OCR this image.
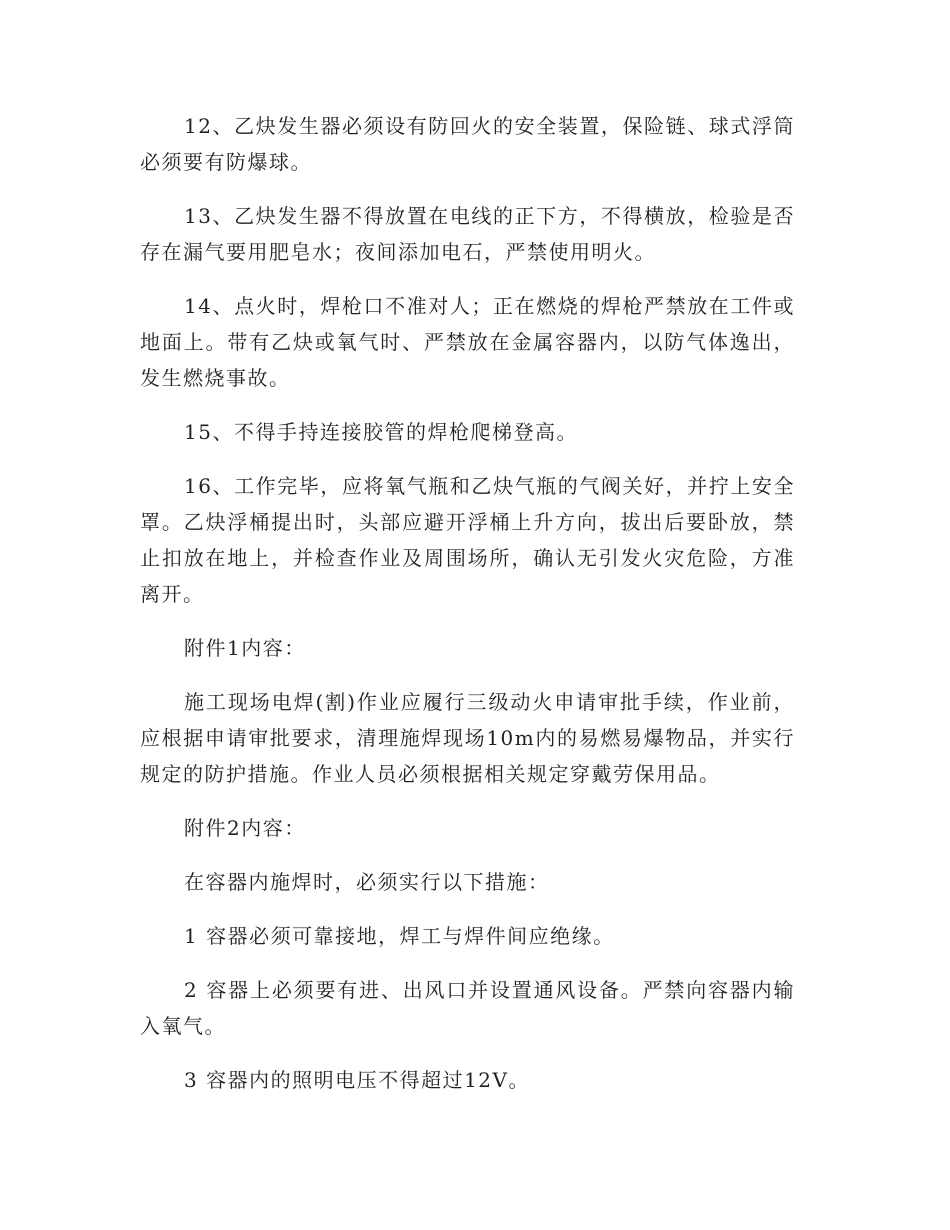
12、乙炔发生器必须设有防回火的安全装置，保险链、球式浮筒必须要有防爆球。

13、乙炔发生器不得放置在电线的正下方，不得横放，检验是否存在漏气要用肥皂水；夜间添加电石，严禁使用明火。

14、点火时，焊枪口不准对人；正在燃烧的焊枪严禁放在工件或地面上。带有乙炔或氧气时、严禁放在金属容器内，以防气体逸出，发生燃烧事故。

15、不得手持连接胶管的焊枪爬梯登高。

16、工作完毕，应将氧气瓶和乙炔气瓶的气阀关好，并拧上安全罩。乙炔浮桶提出时，头部应避开浮桶上升方向，拔出后要卧放，禁止扣放在地上，并检查作业及周围场所，确认无引发火灾危险，方准离开。

附件1内容：

施工现场电焊(割)作业应履行三级动火申请审批手续，作业前，应根据申请审批要求，清理施焊现场10m内的易燃易爆物品，并实行规定的防护措施。作业人员必须根据相关规定穿戴劳保用品。

附件2内容：

在容器内施焊时，必须实行以下措施：

1 容器必须可靠接地，焊工与焊件间应绝缘。

2 容器上必须要有进、出风口并设置通风设备。严禁向容器内输入氧气。

3 容器内的照明电压不得超过12V。
